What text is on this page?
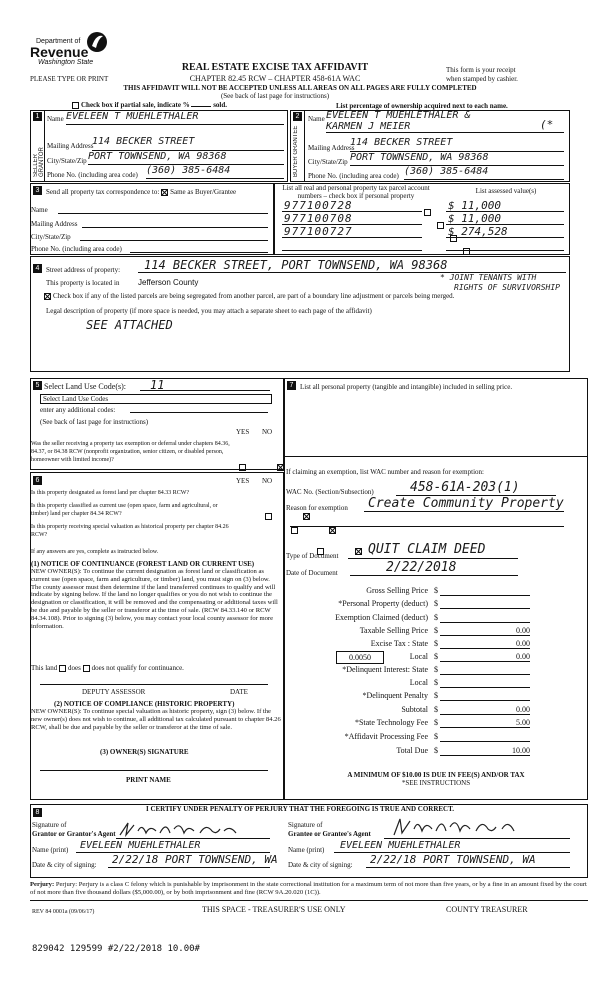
Department of
Revenue
Washington State	REAL ESTATE EXCISE TAX AFFIDAVIT
PLEASE TYPE OR PRINT	CHAPTER 82.45 RCW – CHAPTER 458-61A WAC
This form is your receipt
when stamped by cashier.
THIS AFFIDAVIT WILL NOT BE ACCEPTED UNLESS ALL AREAS ON ALL PAGES ARE FULLY COMPLETED
(See back of last page for instructions)
Check box if partial sale, indicate %	sold.	List percentage of ownership acquired next to each name.
1
SELLER GRANTOR
Name EVELEEN T MUEHLETHALER
Mailing Address
114 BECKER STREET
City/State/Zip PORT TOWNSEND, WA 98368
Phone No. (including area code) (360) 385-6484
2
BUYER GRANTEE
Name EVELEEN T MUEHLETHALER &
KARMEN J MEIER	(*
Mailing Address
114 BECKER STREET
City/State/Zip PORT TOWNSEND, WA 98368
Phone No. (including area code) (360) 385-6484
3 Send all property tax correspondence to: Same as Buyer/Grantee
Name
Mailing Address
City/State/Zip
Phone No. (including area code)
List all real and personal property tax parcel account
numbers – check box if personal property
List assessed value(s)
977100728
	$ 11,000
977100708
	$ 11,000
977100727
	$ 274,528
4 Street address of property: 114 BECKER STREET, PORT TOWNSEND, WA 98368
This property is located in Jefferson County
* JOINT TENANTS WITH
RIGHTS OF SURVIVORSHIP
Check box if any of the listed parcels are being segregated from another parcel, are part of a boundary line adjustment or parcels being merged.
Legal description of property (if more space is needed, you may attach a separate sheet to each page of the affidavit)
SEE ATTACHED
5 Select Land Use Code(s): 11
Select Land Use Codes
enter any additional codes:
(See back of last page for instructions)
YES NO
Was the seller receiving a property tax exemption or deferral under chapters 84.36, 84.37, or 84.38 RCW (nonprofit organization, senior citizen, or disabled person, homeowner with limited income)?

6	YES NO
Is this property designated as forest land per chapter 84.33 RCW?

Is this property classified as current use (open space, farm and agricultural, or timber) land per chapter 84.34 RCW?

Is this property receiving special valuation as historical property per chapter 84.26 RCW?

If any answers are yes, complete as instructed below.
(1) NOTICE OF CONTINUANCE (FOREST LAND OR CURRENT USE)
NEW OWNER(S): To continue the current designation as forest land or classification as current use (open space, farm and agriculture, or timber) land, you must sign on (3) below. The county assessor must then determine if the land transferred continues to qualify and will indicate by signing below. If the land no longer qualifies or you do not wish to continue the designation or classification, it will be removed and the compensating or additional taxes will be due and payable by the seller or transferor at the time of sale. (RCW 84.33.140 or RCW 84.34.108). Prior to signing (3) below, you may contact your local county assessor for more information.
This land does does not qualify for continuance.
DEPUTY ASSESSOR	DATE
(2) NOTICE OF COMPLIANCE (HISTORIC PROPERTY)
NEW OWNER(S): To continue special valuation as historic property, sign (3) below. If the new owner(s) does not wish to continue, all additional tax calculated pursuant to chapter 84.26 RCW, shall be due and payable by the seller or transferor at the time of sale.
(3) OWNER(S) SIGNATURE
PRINT NAME
7 List all personal property (tangible and intangible) included in selling price.
If claiming an exemption, list WAC number and reason for exemption:
WAC No. (Section/Subsection)	458-61A-203(1)
Reason for exemption Create Community Property
Type of Document QUIT CLAIM DEED
Date of Document	2/22/2018
Gross Selling Price $
*Personal Property (deduct) $
Exemption Claimed (deduct) $
Taxable Selling Price $	0.00
Excise Tax : State $	0.00
0.0050	Local $	0.00
*Delinquent Interest: State $
Local $
*Delinquent Penalty $
Subtotal $	0.00
*State Technology Fee $	5.00
*Affidavit Processing Fee $
Total Due $	10.00
A MINIMUM OF $10.00 IS DUE IN FEE(S) AND/OR TAX
*SEE INSTRUCTIONS
8	I CERTIFY UNDER PENALTY OF PERJURY THAT THE FOREGOING IS TRUE AND CORRECT.
Signature of
Grantor or Grantor's Agent
Name (print) EVELEEN MUEHLETHALER
Date & city of signing: 2/22/18 PORT TOWNSEND, WA
Signature of
Grantee or Grantee's Agent
Name (print) EVELEEN MUEHLETHALER
Date & city of signing: 2/22/18 PORT TOWNSEND, WA
Perjury: Perjury: Perjury is a class C felony which is punishable by imprisonment in the state correctional institution for a maximum term of not more than five years, or by a fine in an amount fixed by the court of not more than five thousand dollars ($5,000.00), or by both imprisonment and fine (RCW 9A.20.020 (1C)).
REV 84 0001a (09/06/17)	THIS SPACE - TREASURER'S USE ONLY	COUNTY TREASURER
829042 129599 #2/22/2018 10.00#
